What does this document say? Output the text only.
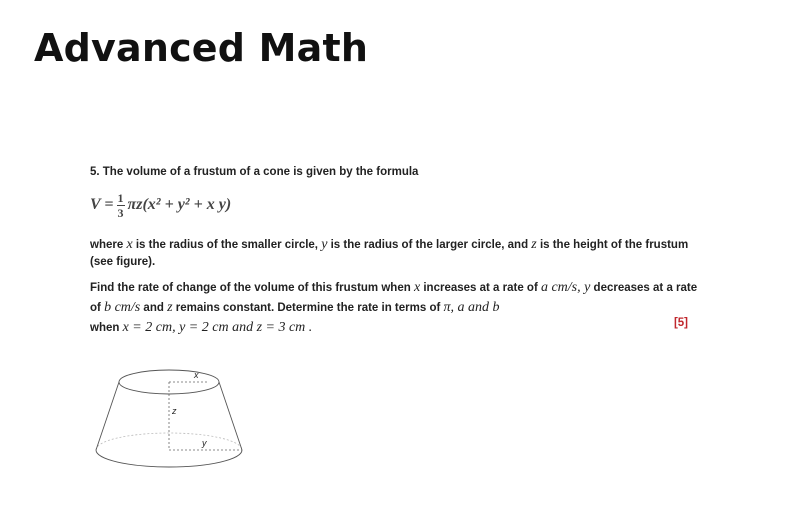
Advanced Math
5. The volume of a frustum of a cone is given by the formula
$V = \frac{1}{3} \pi z(x^2 + y^2 + x$ y)
where x is the radius of the smaller circle, y is the radius of the larger circle, and z is the height of the frustum (see figure).
Find the rate of change of the volume of this frustum when x increases at a rate of a cm/s, y decreases at a rate of b cm/s and z remains constant. Determine the rate in terms of π, a and b
when x = 2 cm, y = 2 cm and z = 3 cm .	[5]
x
z
y
